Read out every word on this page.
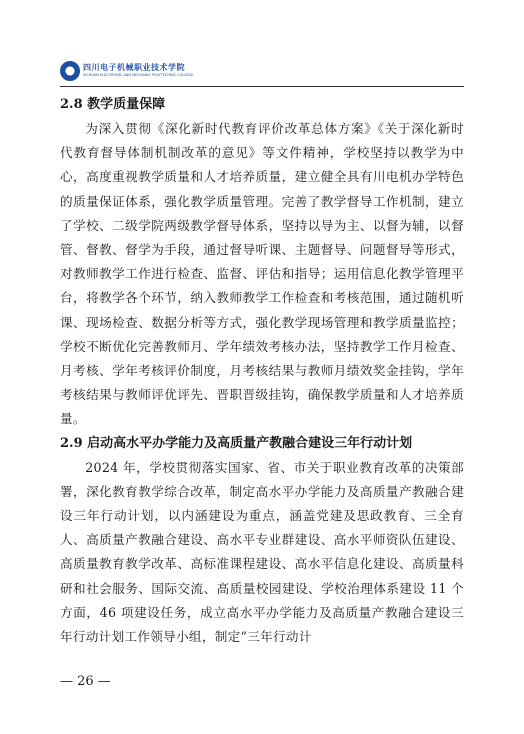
四川电子机械职业技术学院
SICHUAN ELECTRONIC AND MECHANIC POLYTECHNIC COLLEGE
2.8 教学质量保障

为深入贯彻《深化新时代教育评价改革总体方案》《关于深化新时代教育督导体制机制改革的意见》等文件精神，学校坚持以教学为中心，高度重视教学质量和人才培养质量，建立健全具有川电机办学特色的质量保证体系，强化教学质量管理。完善了教学督导工作机制，建立了学校、二级学院两级教学督导体系，坚持以导为主、以督为辅，以督管、督教、督学为手段，通过督导听课、主题督导、问题督导等形式，对教师教学工作进行检查、监督、评估和指导；运用信息化教学管理平台，将教学各个环节，纳入教师教学工作检查和考核范围，通过随机听课、现场检查、数据分析等方式，强化教学现场管理和教学质量监控；学校不断优化完善教师月、学年绩效考核办法，坚持教学工作月检查、月考核、学年考核评价制度，月考核结果与教师月绩效奖金挂钩，学年考核结果与教师评优评先、晋职晋级挂钩，确保教学质量和人才培养质量。

2.9 启动高水平办学能力及高质量产教融合建设三年行动计划

2024 年，学校贯彻落实国家、省、市关于职业教育改革的决策部署，深化教育教学综合改革，制定高水平办学能力及高质量产教融合建设三年行动计划，以内涵建设为重点，涵盖党建及思政教育、三全育人、高质量产教融合建设、高水平专业群建设、高水平师资队伍建设、高质量教育教学改革、高标准课程建设、高水平信息化建设、高质量科研和社会服务、国际交流、高质量校园建设、学校治理体系建设 11 个方面，46 项建设任务，成立高水平办学能力及高质量产教融合建设三年行动计划工作领导小组，制定“三年行动计

— 26 —
